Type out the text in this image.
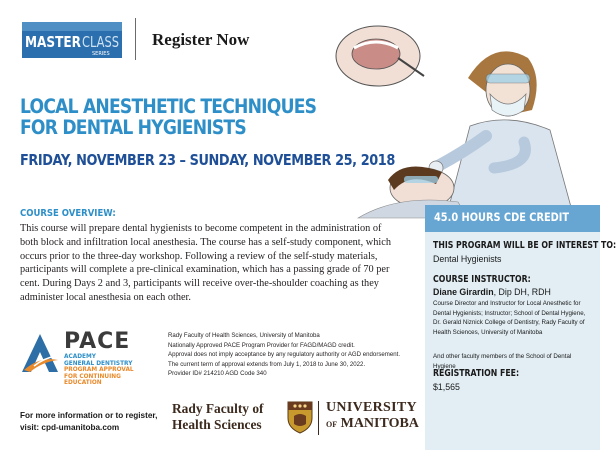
MASTER CLASS
SERIES
Register Now
LOCAL ANESTHETIC TECHNIQUES
FOR DENTAL HYGIENISTS
FRIDAY, NOVEMBER 23 – SUNDAY, NOVEMBER 25, 2018
COURSE OVERVIEW:
This course will prepare dental hygienists to become competent in the administration of both block and infiltration local anesthesia. The course has a self-study component, which occurs prior to the three-day workshop. Following a review of the self-study materials, participants will complete a pre-clinical examination, which has a passing grade of 70 per cent. During Days 2 and 3, participants will receive over-the-shoulder coaching as they administer local anesthesia on each other.
PACE
ACADEMY
GENERAL DENTISTRY
PROGRAM APPROVAL
FOR CONTINUING
EDUCATION
Rady Faculty of Health Sciences, University of Manitoba
Nationally Approved PACE Program Provider for FAGD/MAGD credit.
Approval does not imply acceptance by any regulatory authority or AGD endorsement.
The current term of approval extends from July 1, 2018 to June 30, 2022.
Provider ID# 214210 AGD Code 340
For more information or to register,
visit: cpd-umanitoba.com
Rady Faculty of
Health Sciences
UNIVERSITY
OF MANITOBA
45.0 HOURS CDE CREDIT
THIS PROGRAM WILL BE OF INTEREST TO:
Dental Hygienists
COURSE INSTRUCTOR:
Diane Girardin, Dip DH, RDH
Course Director and Instructor for Local Anesthetic for Dental Hygienists; Instructor; School of Dental Hygiene, Dr. Gerald Niznick College of Dentistry, Rady Faculty of Health Sciences, University of Manitoba
And other faculty members of the School of Dental Hygiene
REGISTRATION FEE:
$1,565
